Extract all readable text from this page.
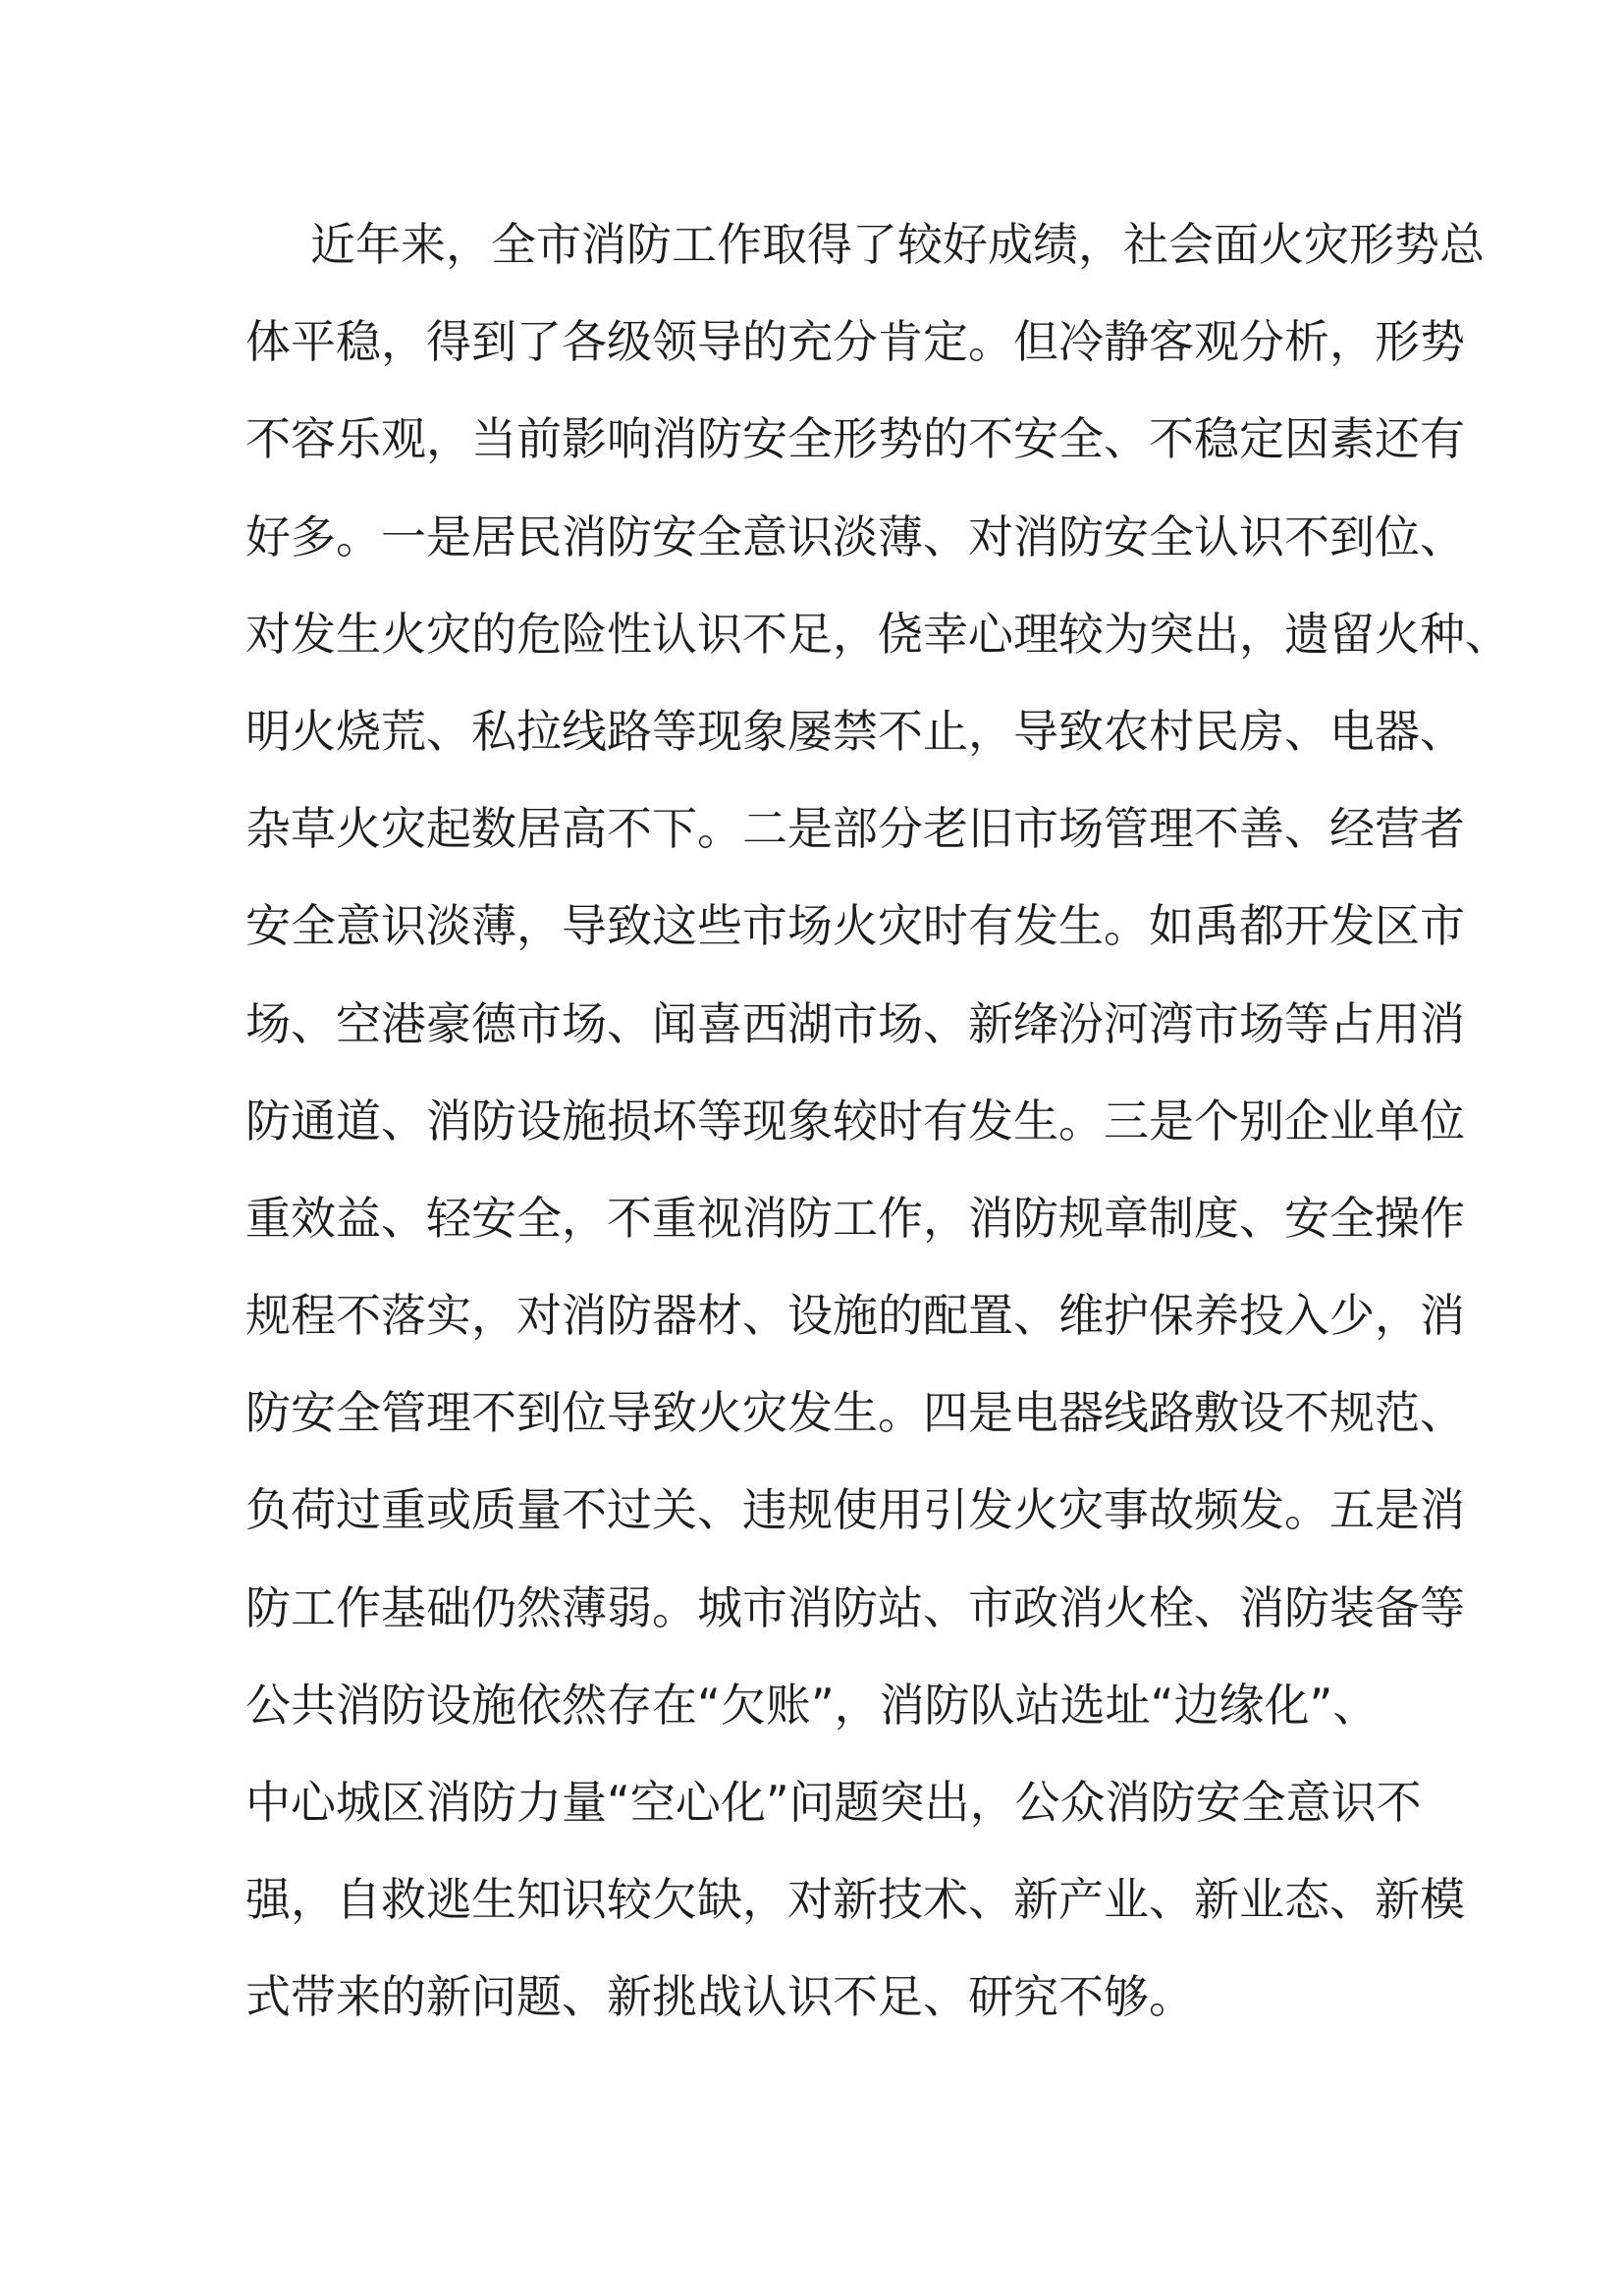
近年来，全市消防工作取得了较好成绩，社会面火灾形势总
体平稳，得到了各级领导的充分肯定。但冷静客观分析，形势
不容乐观，当前影响消防安全形势的不安全、不稳定因素还有
好多。一是居民消防安全意识淡薄、对消防安全认识不到位、
对发生火灾的危险性认识不足，侥幸心理较为突出，遗留火种、
明火烧荒、私拉线路等现象屡禁不止，导致农村民房、电器、
杂草火灾起数居高不下。二是部分老旧市场管理不善、经营者
安全意识淡薄，导致这些市场火灾时有发生。如禹都开发区市
场、空港豪德市场、闻喜西湖市场、新绛汾河湾市场等占用消
防通道、消防设施损坏等现象较时有发生。三是个别企业单位
重效益、轻安全，不重视消防工作，消防规章制度、安全操作
规程不落实，对消防器材、设施的配置、维护保养投入少，消
防安全管理不到位导致火灾发生。四是电器线路敷设不规范、
负荷过重或质量不过关、违规使用引发火灾事故频发。五是消
防工作基础仍然薄弱。城市消防站、市政消火栓、消防装备等
公共消防设施依然存在“欠账”，消防队站选址“边缘化”、
中心城区消防力量“空心化”问题突出，公众消防安全意识不
强，自救逃生知识较欠缺，对新技术、新产业、新业态、新模
式带来的新问题、新挑战认识不足、研究不够。
